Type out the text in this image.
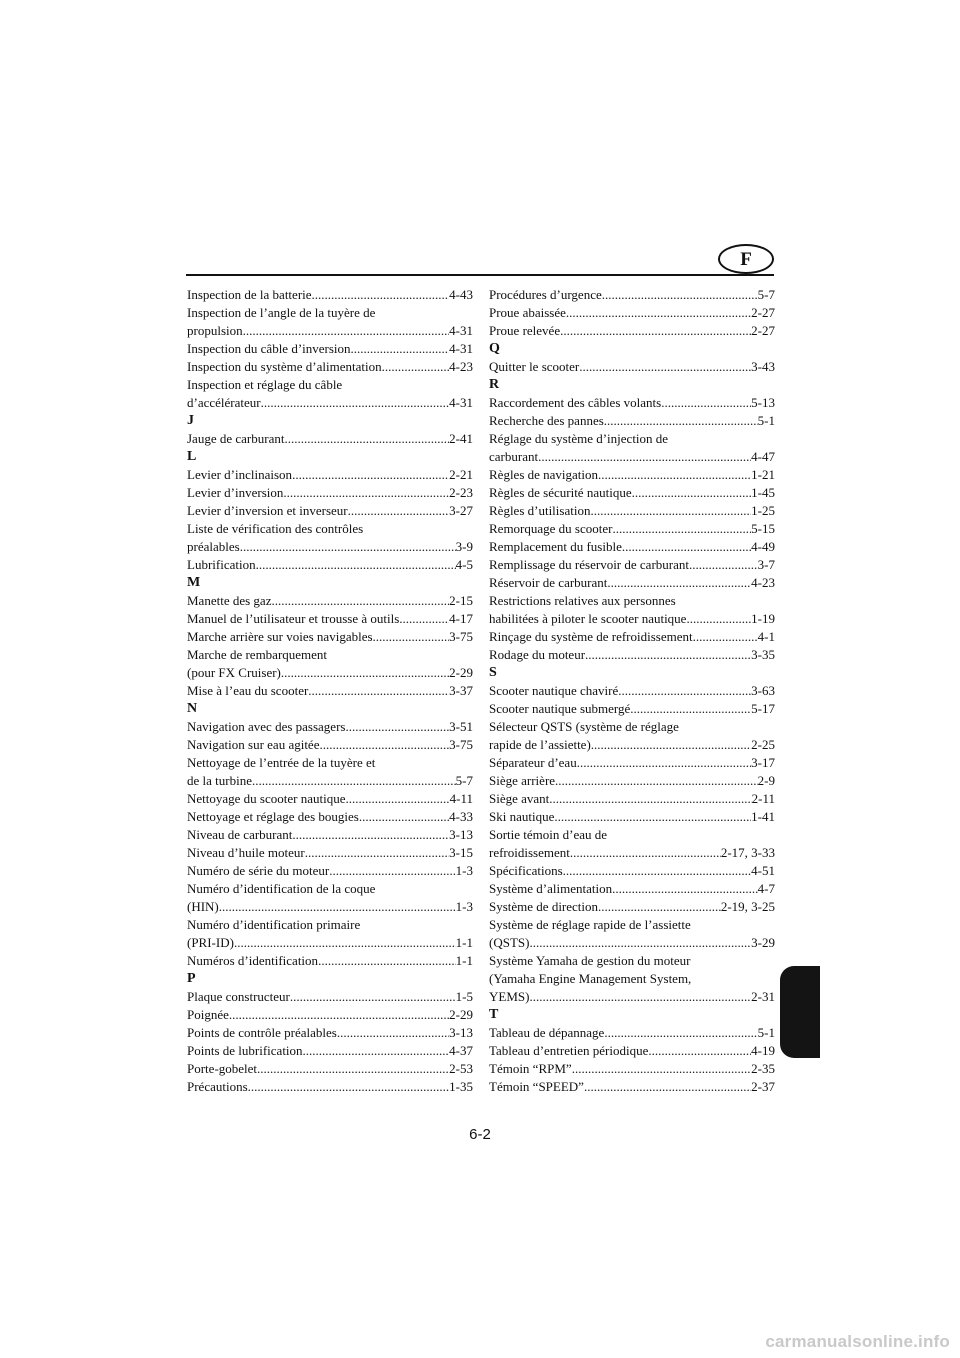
F
Inspection de la batterie .....	4-43
Inspection de l’angle de la tuyère de
propulsion .....	4-31
Inspection du câble d’inversion .....	4-31
Inspection du système d’alimentation .....	4-23
Inspection et réglage du câble
d’accélérateur .....	4-31
J
Jauge de carburant .....	2-41
L
Levier d’inclinaison .....	2-21
Levier d’inversion .....	2-23
Levier d’inversion et inverseur .....	3-27
Liste de vérification des contrôles
préalables .....	3-9
Lubrification .....	4-5
M
Manette des gaz .....	2-15
Manuel de l’utilisateur et trousse à outils .....	4-17
Marche arrière sur voies navigables .....	3-75
Marche de rembarquement
(pour FX Cruiser) .....	2-29
Mise à l’eau du scooter .....	3-37
N
Navigation avec des passagers .....	3-51
Navigation sur eau agitée .....	3-75
Nettoyage de l’entrée de la tuyère et
de la turbine .....	5-7
Nettoyage du scooter nautique .....	4-11
Nettoyage et réglage des bougies .....	4-33
Niveau de carburant .....	3-13
Niveau d’huile moteur .....	3-15
Numéro de série du moteur .....	1-3
Numéro d’identification de la coque
(HIN) .....	1-3
Numéro d’identification primaire
(PRI-ID) .....	1-1
Numéros d’identification .....	1-1
P
Plaque constructeur .....	1-5
Poignée .....	2-29
Points de contrôle préalables .....	3-13
Points de lubrification .....	4-37
Porte-gobelet .....	2-53
Précautions .....	1-35
Procédures d’urgence .....	5-7
Proue abaissée .....	2-27
Proue relevée .....	2-27
Q
Quitter le scooter .....	3-43
R
Raccordement des câbles volants .....	5-13
Recherche des pannes .....	5-1
Réglage du système d’injection de
carburant .....	4-47
Règles de navigation .....	1-21
Règles de sécurité nautique .....	1-45
Règles d’utilisation .....	1-25
Remorquage du scooter .....	5-15
Remplacement du fusible .....	4-49
Remplissage du réservoir de carburant .....	3-7
Réservoir de carburant .....	4-23
Restrictions relatives aux personnes
habilitées à piloter le scooter nautique .....	1-19
Rinçage du système de refroidissement .....	4-1
Rodage du moteur .....	3-35
S
Scooter nautique chaviré .....	3-63
Scooter nautique submergé .....	5-17
Sélecteur QSTS (système de réglage
rapide de l’assiette) .....	2-25
Séparateur d’eau .....	3-17
Siège arrière .....	2-9
Siège avant .....	2-11
Ski nautique .....	1-41
Sortie témoin d’eau de
refroidissement .....	2-17, 3-33
Spécifications .....	4-51
Système d’alimentation .....	4-7
Système de direction .....	2-19, 3-25
Système de réglage rapide de l’assiette
(QSTS) .....	3-29
Système Yamaha de gestion du moteur
(Yamaha Engine Management System,
YEMS) .....	2-31
T
Tableau de dépannage .....	5-1
Tableau d’entretien périodique .....	4-19
Témoin “RPM” .....	2-35
Témoin “SPEED” .....	2-37
6-2
carmanualsonline.info
